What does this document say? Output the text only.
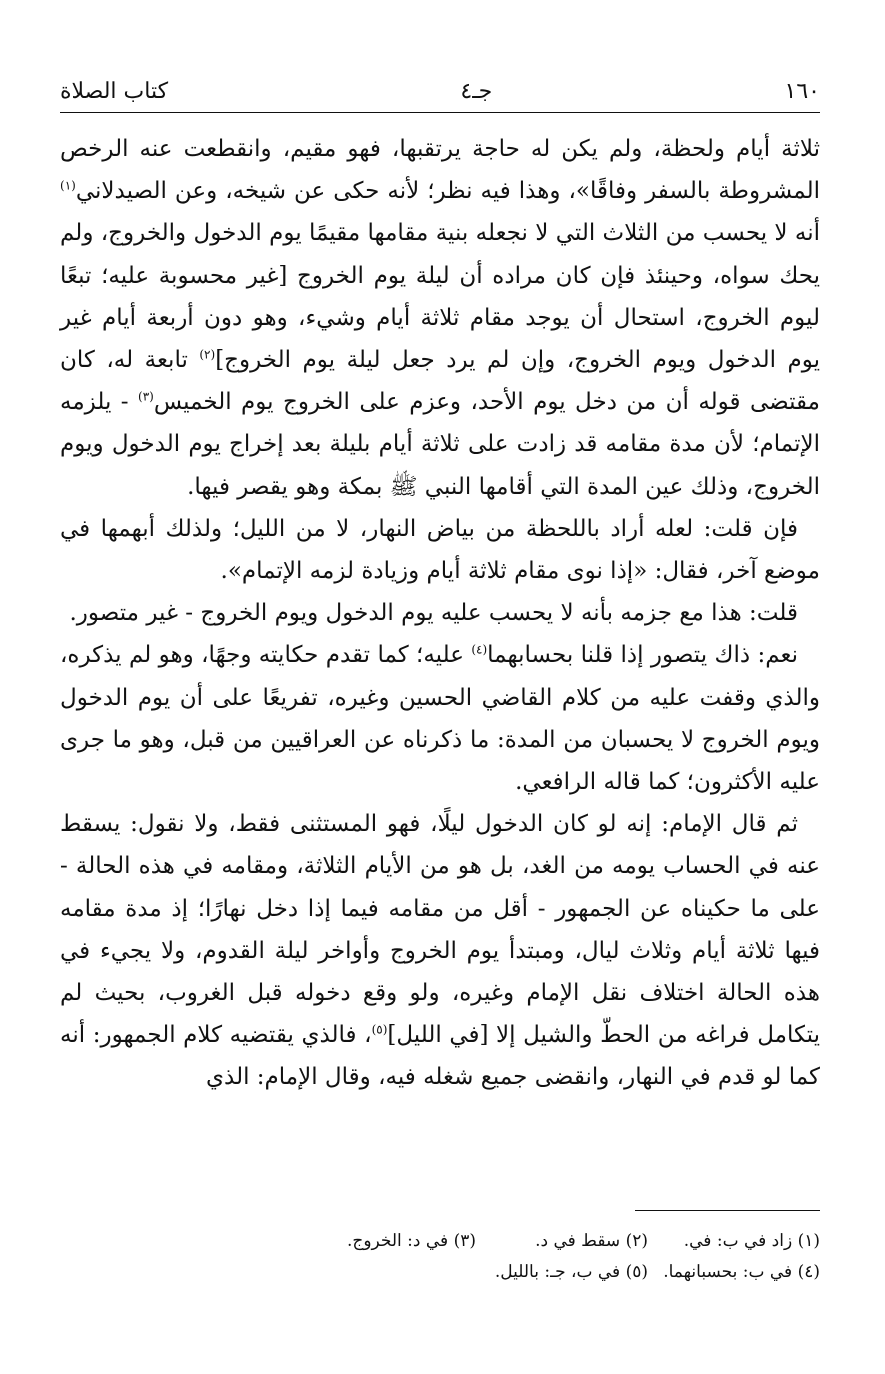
١٦٠
جـ٤
كتاب الصلاة

ثلاثة أيام ولحظة، ولم يكن له حاجة يرتقبها، فهو مقيم، وانقطعت عنه الرخص المشروطة بالسفر وفاقًا»، وهذا فيه نظر؛ لأنه حكى عن شيخه، وعن الصيدلاني$^{(١)}$ أنه لا يحسب من الثلاث التي لا نجعله بنية مقامها مقيمًا يوم الدخول والخروج، ولم يحك سواه، وحينئذ فإن كان مراده أن ليلة يوم الخروج [غير محسوبة عليه؛ تبعًا ليوم الخروج، استحال أن يوجد مقام ثلاثة أيام وشيء، وهو دون أربعة أيام غير يوم الدخول ويوم الخروج، وإن لم يرد جعل ليلة يوم الخروج]$^{(٢)}$ تابعة له، كان مقتضى قوله أن من دخل يوم الأحد، وعزم على الخروج يوم الخميس$^{(٣)}$ - يلزمه الإتمام؛ لأن مدة مقامه قد زادت على ثلاثة أيام بليلة بعد إخراج يوم الدخول ويوم الخروج، وذلك عين المدة التي أقامها النبي ﷺ بمكة وهو يقصر فيها.

فإن قلت: لعله أراد باللحظة من بياض النهار، لا من الليل؛ ولذلك أبهمها في موضع آخر، فقال: «إذا نوى مقام ثلاثة أيام وزيادة لزمه الإتمام».

قلت: هذا مع جزمه بأنه لا يحسب عليه يوم الدخول ويوم الخروج - غير متصور.

نعم: ذاك يتصور إذا قلنا بحسابهما$^{(٤)}$ عليه؛ كما تقدم حكايته وجهًا، وهو لم يذكره، والذي وقفت عليه من كلام القاضي الحسين وغيره، تفريعًا على أن يوم الدخول ويوم الخروج لا يحسبان من المدة: ما ذكرناه عن العراقيين من قبل، وهو ما جرى عليه الأكثرون؛ كما قاله الرافعي.

ثم قال الإمام: إنه لو كان الدخول ليلًا، فهو المستثنى فقط، ولا نقول: يسقط عنه في الحساب يومه من الغد، بل هو من الأيام الثلاثة، ومقامه في هذه الحالة - على ما حكيناه عن الجمهور - أقل من مقامه فيما إذا دخل نهارًا؛ إذ مدة مقامه فيها ثلاثة أيام وثلاث ليال، ومبتدأ يوم الخروج وأواخر ليلة القدوم، ولا يجيء في هذه الحالة اختلاف نقل الإمام وغيره، ولو وقع دخوله قبل الغروب، بحيث لم يتكامل فراغه من الحطّ والشيل إلا [في الليل]$^{(٥)}$، فالذي يقتضيه كلام الجمهور: أنه كما لو قدم في النهار، وانقضى جميع شغله فيه، وقال الإمام: الذي

(١) زاد في ب: في.
(٢) سقط في د.
(٣) في د: الخروج.
(٤) في ب: بحسبانهما.
(٥) في ب، جـ: بالليل.
